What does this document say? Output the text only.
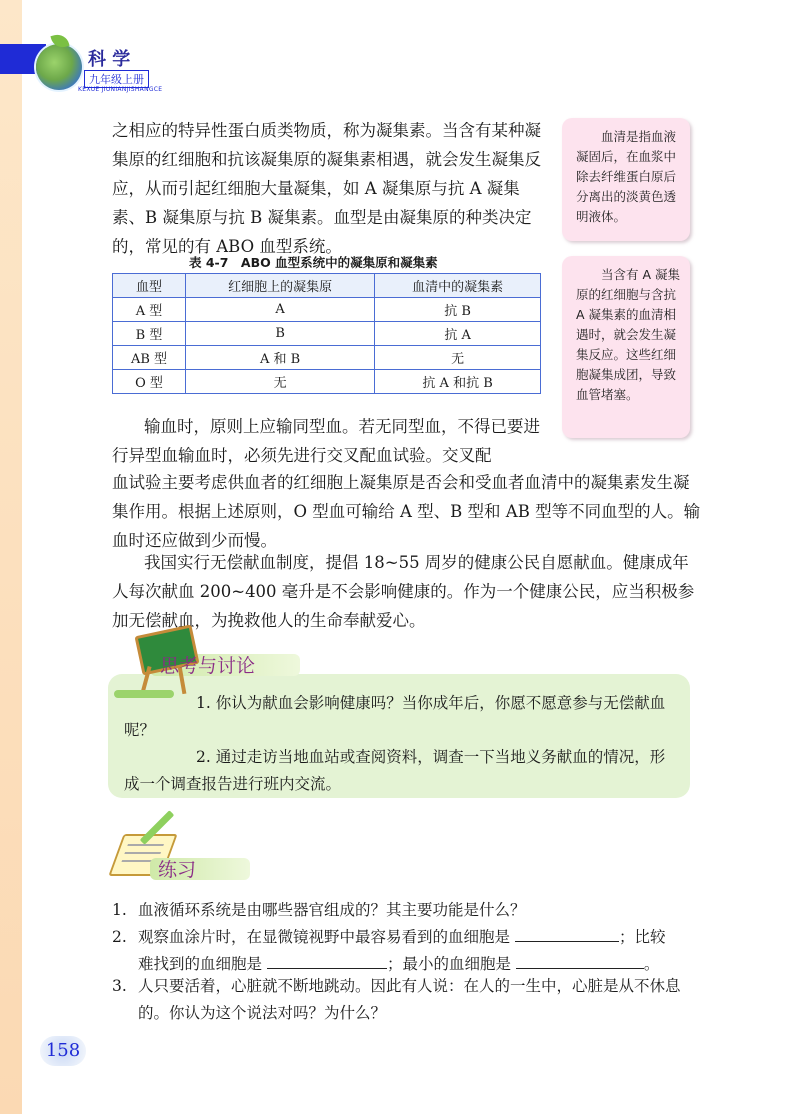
科 学
九年级上册
KEXUE JIUNIANJISHANGCE

之相应的特异性蛋白质类物质，称为凝集素。当含有某种凝集原的红细胞和抗该凝集原的凝集素相遇，就会发生凝集反应，从而引起红细胞大量凝集，如 A 凝集原与抗 A 凝集素、B 凝集原与抗 B 凝集素。血型是由凝集原的种类决定的，常见的有 ABO 血型系统。

血清是指血液凝固后，在血浆中除去纤维蛋白原后分离出的淡黄色透明液体。
当含有 A 凝集原的红细胞与含抗 A 凝集素的血清相遇时，就会发生凝集反应。这些红细胞凝集成团，导致血管堵塞。
表 4-7　ABO 血型系统中的凝集原和凝集素
血型	红细胞上的凝集原	血清中的凝集素
A 型	A	抗 B
B 型	B	抗 A
AB 型	A 和 B	无
O 型	无	抗 A 和抗 B

输血时，原则上应输同型血。若无同型血，不得已要进行异型血输血时，必须先进行交叉配血试验。交叉配

血试验主要考虑供血者的红细胞上凝集原是否会和受血者血清中的凝集素发生凝集作用。根据上述原则，O 型血可输给 A 型、B 型和 AB 型等不同血型的人。输血时还应做到少而慢。

我国实行无偿献血制度，提倡 18~55 周岁的健康公民自愿献血。健康成年人每次献血 200~400 毫升是不会影响健康的。作为一个健康公民，应当积极参加无偿献血，为挽救他人的生命奉献爱心。

思考与讨论

1. 你认为献血会影响健康吗？当你成年后，你愿不愿意参与无偿献血呢？

2. 通过走访当地血站或查阅资料，调查一下当地义务献血的情况，形成一个调查报告进行班内交流。

练习
1. 血液循环系统是由哪些器官组成的？其主要功能是什么？
2. 观察血涂片时，在显微镜视野中最容易看到的血细胞是	；比较
难找到的血细胞是	；最小的血细胞是	。
3. 人只要活着，心脏就不断地跳动。因此有人说：在人的一生中，心脏是从不休息的。你认为这个说法对吗？为什么？
158
